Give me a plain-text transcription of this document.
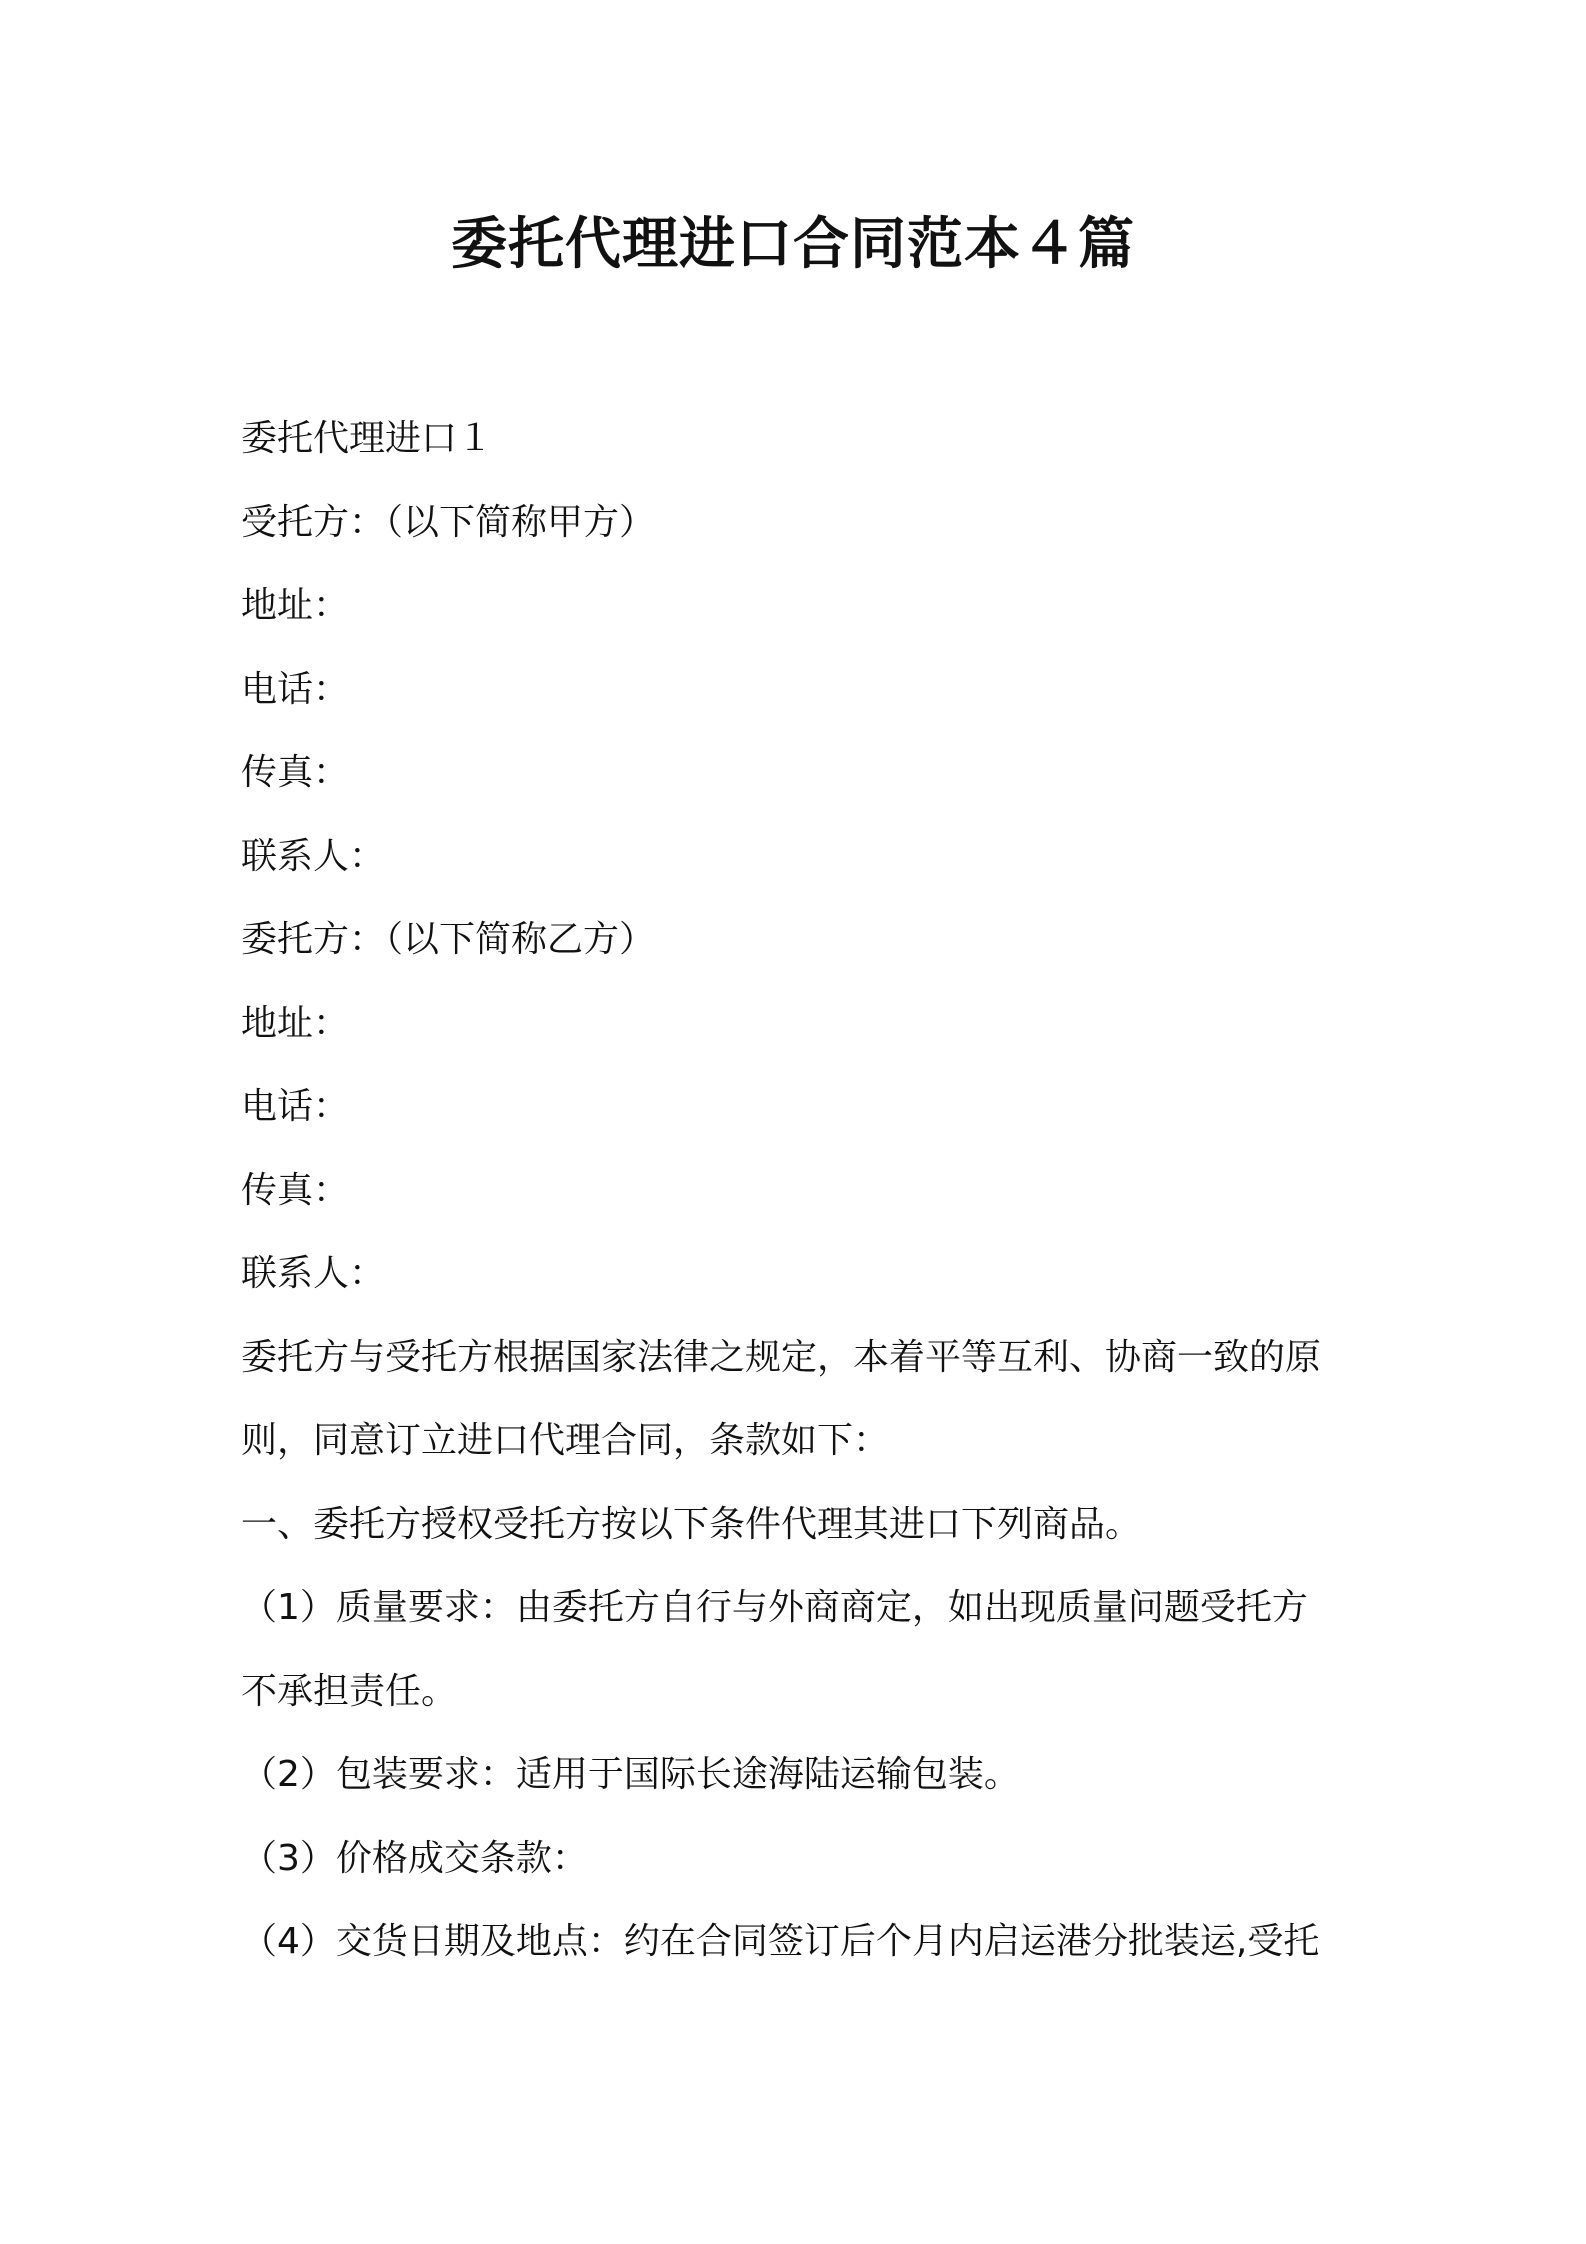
委托代理进口合同范本４篇
委托代理进口１
受托方：（以下简称甲方）
地址：
电话：
传真：
联系人：
委托方：（以下简称乙方）
地址：
电话：
传真：
联系人：
委托方与受托方根据国家法律之规定，本着平等互利、协商一致的原
则，同意订立进口代理合同，条款如下：
一、委托方授权受托方按以下条件代理其进口下列商品。
（1）质量要求：由委托方自行与外商商定，如出现质量问题受托方
不承担责任。
（2）包装要求：适用于国际长途海陆运输包装。
（3）价格成交条款：
（4）交货日期及地点：约在合同签订后个月内启运港分批装运,受托
